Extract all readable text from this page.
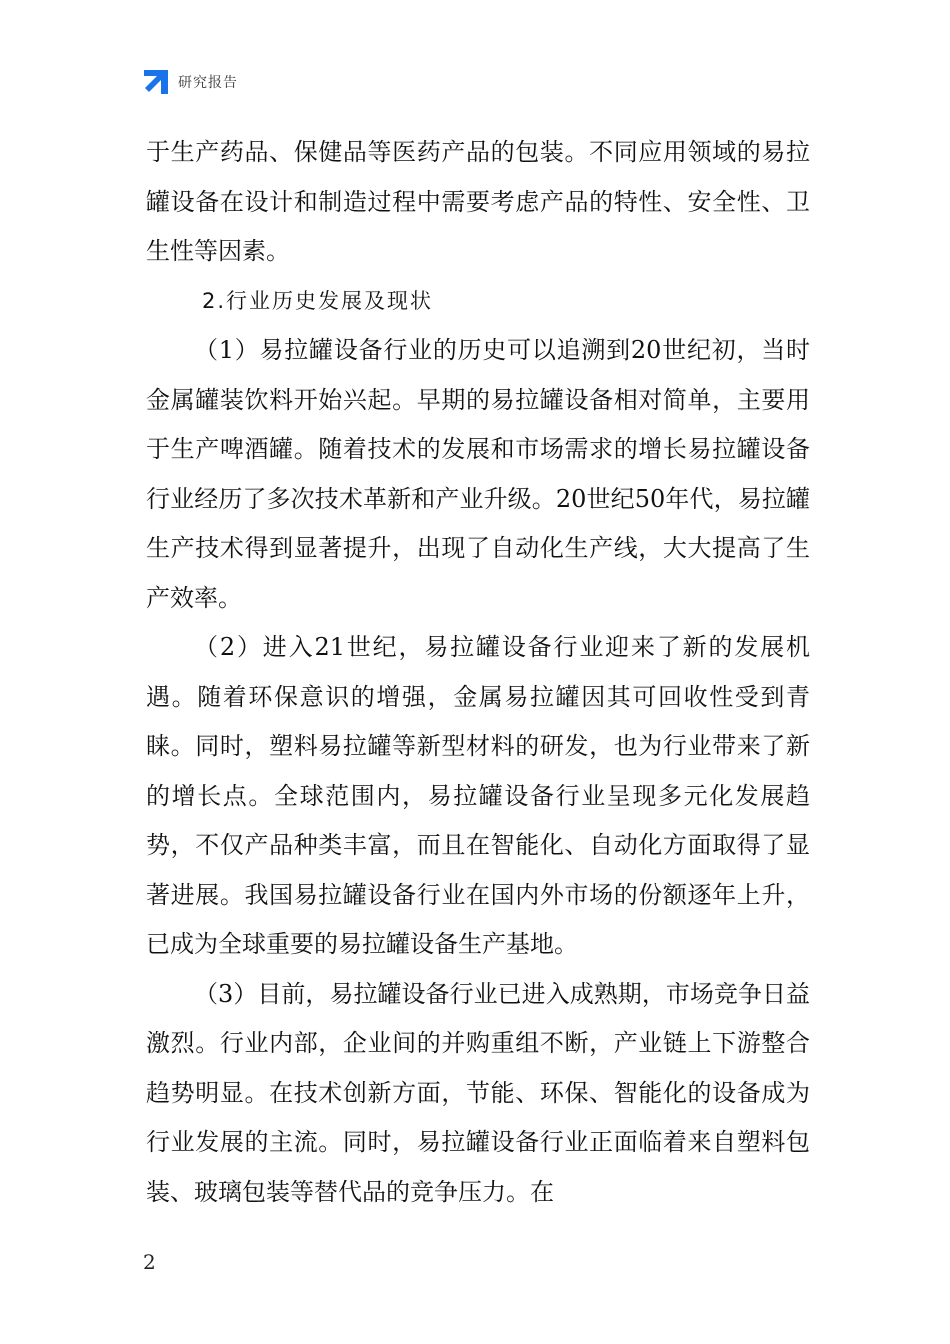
研究报告

于生产药品、保健品等医药产品的包装。不同应用领域的易拉罐设备在设计和制造过程中需要考虑产品的特性、安全性、卫生性等因素。

2.行业历史发展及现状

（1）易拉罐设备行业的历史可以追溯到20世纪初，当时金属罐装饮料开始兴起。早期的易拉罐设备相对简单，主要用于生产啤酒罐。随着技术的发展和市场需求的增长易拉罐设备行业经历了多次技术革新和产业升级。20世纪50年代，易拉罐生产技术得到显著提升，出现了自动化生产线，大大提高了生产效率。

（2）进入21世纪，易拉罐设备行业迎来了新的发展机遇。随着环保意识的增强，金属易拉罐因其可回收性受到青睐。同时，塑料易拉罐等新型材料的研发，也为行业带来了新的增长点。全球范围内，易拉罐设备行业呈现多元化发展趋势，不仅产品种类丰富，而且在智能化、自动化方面取得了显著进展。我国易拉罐设备行业在国内外市场的份额逐年上升，已成为全球重要的易拉罐设备生产基地。

（3）目前，易拉罐设备行业已进入成熟期，市场竞争日益激烈。行业内部，企业间的并购重组不断，产业链上下游整合趋势明显。在技术创新方面，节能、环保、智能化的设备成为行业发展的主流。同时，易拉罐设备行业正面临着来自塑料包装、玻璃包装等替代品的竞争压力。在

2
